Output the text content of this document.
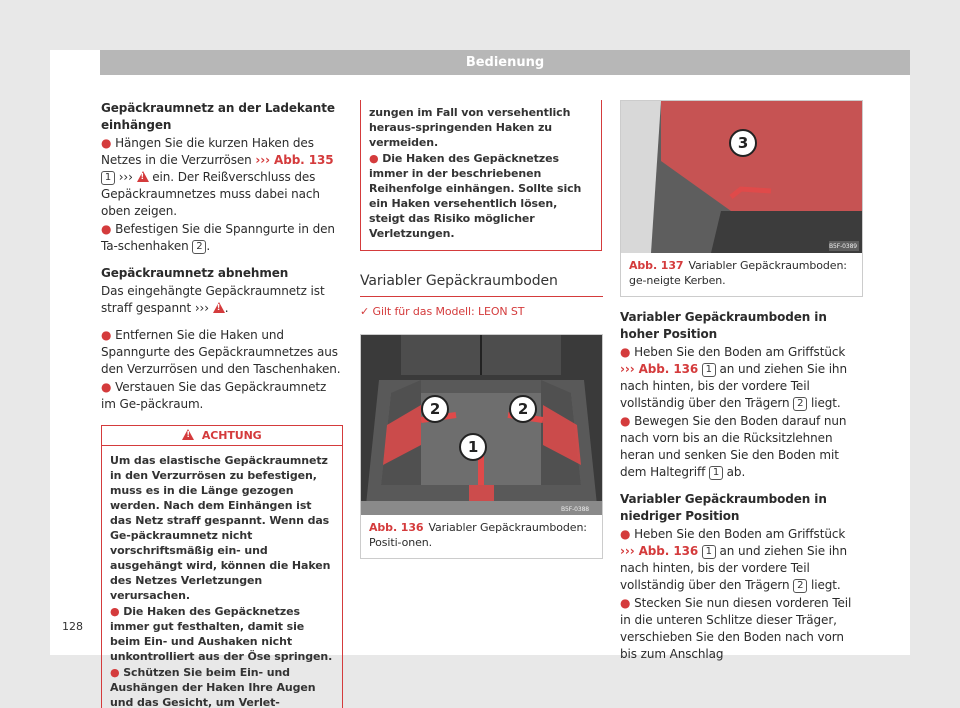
Bedienung

Gepäckraumnetz an der Ladekante einhängen

● Hängen Sie die kurzen Haken des Netzes in die Verzurrösen ››› Abb. 135 1 ››› ! ein. Der Reißverschluss des Gepäckraumnetzes muss dabei nach oben zeigen.

● Befestigen Sie die Spanngurte in den Ta-schenhaken 2 .

Gepäckraumnetz abnehmen

Das eingehängte Gepäckraumnetz ist straff gespannt ››› !.

● Entfernen Sie die Haken und Spanngurte des Gepäckraumnetzes aus den Verzurrösen und den Taschenhaken.

● Verstauen Sie das Gepäckraumnetz im Ge-päckraum.

!  ACHTUNG

Um das elastische Gepäckraumnetz in den Verzurrösen zu befestigen, muss es in die Länge gezogen werden. Nach dem Einhängen ist das Netz straff gespannt. Wenn das Ge-päckraumnetz nicht vorschriftsmäßig ein- und ausgehängt wird, können die Haken des Netzes Verletzungen verursachen.

● Die Haken des Gepäcknetzes immer gut festhalten, damit sie beim Ein- und Aushaken nicht unkontrolliert aus der Öse springen.

● Schützen Sie beim Ein- und Aushängen der Haken Ihre Augen und das Gesicht, um Verlet-

zungen im Fall von versehentlich heraus-springenden Haken zu vermeiden.

● Die Haken des Gepäcknetzes immer in der beschriebenen Reihenfolge einhängen. Sollte sich ein Haken versehentlich lösen, steigt das Risiko möglicher Verletzungen.

Variabler Gepäckraumboden

✓ Gilt für das Modell: LEON ST

B5F-0388
2	2
1
Abb. 136 Variabler Gepäckraumboden: Positi-onen.
B5F-0389
3
Abb. 137 Variabler Gepäckraumboden: ge-neigte Kerben.

Variabler Gepäckraumboden in hoher Position

● Heben Sie den Boden am Griffstück ››› Abb. 136 1 an und ziehen Sie ihn nach hinten, bis der vordere Teil vollständig über den Trägern 2 liegt.

● Bewegen Sie den Boden darauf nun nach vorn bis an die Rücksitzlehnen heran und senken Sie den Boden mit dem Haltegriff 1 ab.

Variabler Gepäckraumboden in niedriger Position

● Heben Sie den Boden am Griffstück ››› Abb. 136 1 an und ziehen Sie ihn nach hinten, bis der vordere Teil vollständig über den Trägern 2 liegt.

● Stecken Sie nun diesen vorderen Teil in die unteren Schlitze dieser Träger, verschieben Sie den Boden nach vorn bis zum Anschlag

128
